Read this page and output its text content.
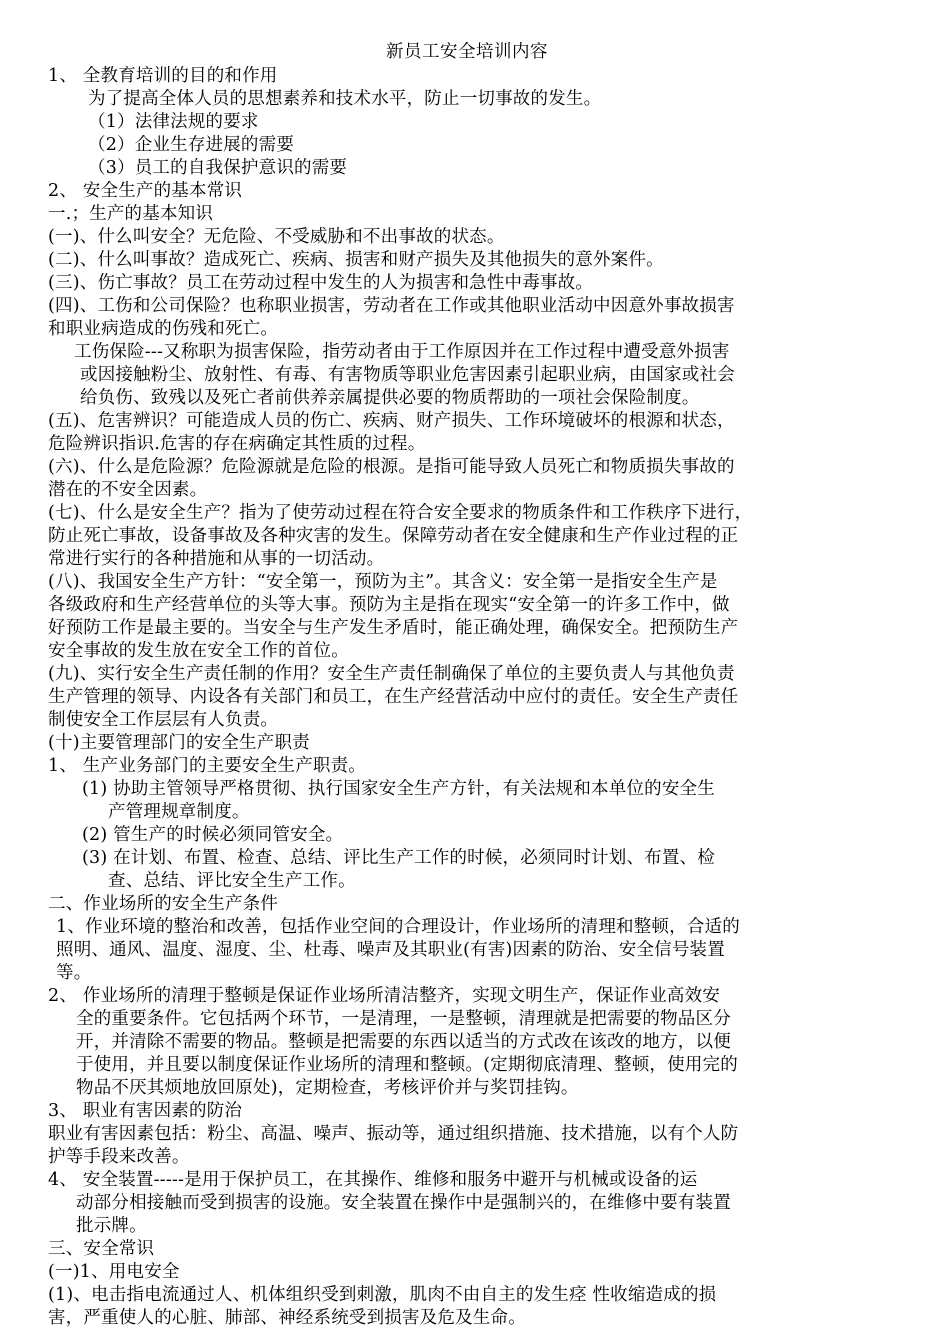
新员工安全培训内容
1、 全教育培训的目的和作用
为了提高全体人员的思想素养和技术水平，防止一切事故的发生。
（1）法律法规的要求
（2）企业生存进展的需要
（3）员工的自我保护意识的需要
2、 安全生产的基本常识
一.；生产的基本知识
(一)、什么叫安全？无危险、不受威胁和不出事故的状态。
(二)、什么叫事故？造成死亡、疾病、损害和财产损失及其他损失的意外案件。
(三)、伤亡事故？员工在劳动过程中发生的人为损害和急性中毒事故。
(四)、工伤和公司保险？也称职业损害，劳动者在工作或其他职业活动中因意外事故损害
和职业病造成的伤残和死亡。
工伤保险---又称职为损害保险，指劳动者由于工作原因并在工作过程中遭受意外损害
或因接触粉尘、放射性、有毒、有害物质等职业危害因素引起职业病，由国家或社会
给负伤、致残以及死亡者前供养亲属提供必要的物质帮助的一项社会保险制度。
(五)、危害辨识？可能造成人员的伤亡、疾病、财产损失、工作环境破坏的根源和状态，
危险辨识指识.危害的存在病确定其性质的过程。
(六)、什么是危险源？危险源就是危险的根源。是指可能导致人员死亡和物质损失事故的
潜在的不安全因素。
(七)、什么是安全生产？指为了使劳动过程在符合安全要求的物质条件和工作秩序下进行，
防止死亡事故，设备事故及各种灾害的发生。保障劳动者在安全健康和生产作业过程的正
常进行实行的各种措施和从事的一切活动。
(八)、我国安全生产方针：“安全第一，预防为主”。其含义：安全第一是指安全生产是
各级政府和生产经营单位的头等大事。预防为主是指在现实“安全第一的许多工作中，做
好预防工作是最主要的。当安全与生产发生矛盾时，能正确处理，确保安全。把预防生产
安全事故的发生放在安全工作的首位。
(九)、实行安全生产责任制的作用？安全生产责任制确保了单位的主要负责人与其他负责
生产管理的领导、内设各有关部门和员工，在生产经营活动中应付的责任。安全生产责任
制使安全工作层层有人负责。
(十)主要管理部门的安全生产职责
1、 生产业务部门的主要安全生产职责。
(1) 协助主管领导严格贯彻、执行国家安全生产方针，有关法规和本单位的安全生
产管理规章制度。
(2) 管生产的时候必须同管安全。
(3) 在计划、布置、检查、总结、评比生产工作的时候，必须同时计划、布置、检
查、总结、评比安全生产工作。
二、作业场所的安全生产条件
1、作业环境的整治和改善，包括作业空间的合理设计，作业场所的清理和整顿，合适的
照明、通风、温度、湿度、尘、杜毒、噪声及其职业(有害)因素的防治、安全信号装置
等。
2、 作业场所的清理于整顿是保证作业场所清洁整齐，实现文明生产，保证作业高效安
全的重要条件。它包括两个环节，一是清理，一是整顿，清理就是把需要的物品区分
开，并清除不需要的物品。整顿是把需要的东西以适当的方式改在该改的地方，以便
于使用，并且要以制度保证作业场所的清理和整顿。(定期彻底清理、整顿，使用完的
物品不厌其烦地放回原处)，定期检查，考核评价并与奖罚挂钩。
3、 职业有害因素的防治
职业有害因素包括：粉尘、高温、噪声、振动等，通过组织措施、技术措施，以有个人防
护等手段来改善。
4、 安全装置-----是用于保护员工，在其操作、维修和服务中避开与机械或设备的运
动部分相接触而受到损害的设施。安全装置在操作中是强制兴的，在维修中要有装置
批示牌。
三、安全常识
(一)1、用电安全
(1)、电击指电流通过人、机体组织受到刺激，肌肉不由自主的发生痉 性收缩造成的损
害，严重使人的心脏、肺部、神经系统受到损害及危及生命。
